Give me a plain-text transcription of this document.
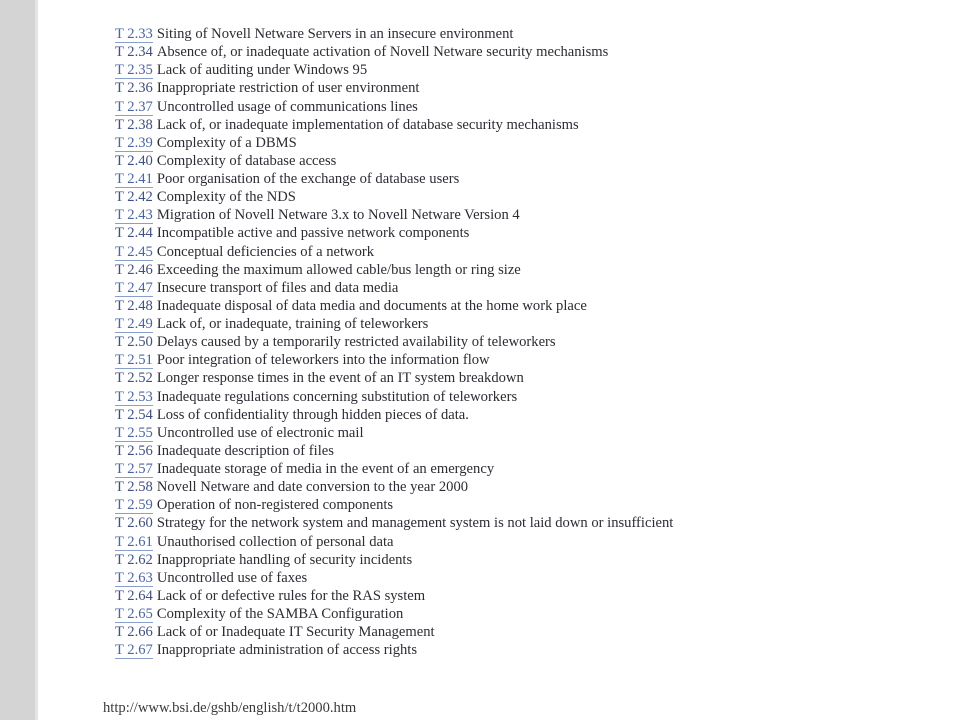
T 2.33 Siting of Novell Netware Servers in an insecure environment
T 2.34 Absence of, or inadequate activation of Novell Netware security mechanisms
T 2.35 Lack of auditing under Windows 95
T 2.36 Inappropriate restriction of user environment
T 2.37 Uncontrolled usage of communications lines
T 2.38 Lack of, or inadequate implementation of database security mechanisms
T 2.39 Complexity of a DBMS
T 2.40 Complexity of database access
T 2.41 Poor organisation of the exchange of database users
T 2.42 Complexity of the NDS
T 2.43 Migration of Novell Netware 3.x to Novell Netware Version 4
T 2.44 Incompatible active and passive network components
T 2.45 Conceptual deficiencies of a network
T 2.46 Exceeding the maximum allowed cable/bus length or ring size
T 2.47 Insecure transport of files and data media
T 2.48 Inadequate disposal of data media and documents at the home work place
T 2.49 Lack of, or inadequate, training of teleworkers
T 2.50 Delays caused by a temporarily restricted availability of teleworkers
T 2.51 Poor integration of teleworkers into the information flow
T 2.52 Longer response times in the event of an IT system breakdown
T 2.53 Inadequate regulations concerning substitution of teleworkers
T 2.54 Loss of confidentiality through hidden pieces of data.
T 2.55 Uncontrolled use of electronic mail
T 2.56 Inadequate description of files
T 2.57 Inadequate storage of media in the event of an emergency
T 2.58 Novell Netware and date conversion to the year 2000
T 2.59 Operation of non-registered components
T 2.60 Strategy for the network system and management system is not laid down or insufficient
T 2.61 Unauthorised collection of personal data
T 2.62 Inappropriate handling of security incidents
T 2.63 Uncontrolled use of faxes
T 2.64 Lack of or defective rules for the RAS system
T 2.65 Complexity of the SAMBA Configuration
T 2.66 Lack of or Inadequate IT Security Management
T 2.67 Inappropriate administration of access rights
http://www.bsi.de/gshb/english/t/t2000.htm
